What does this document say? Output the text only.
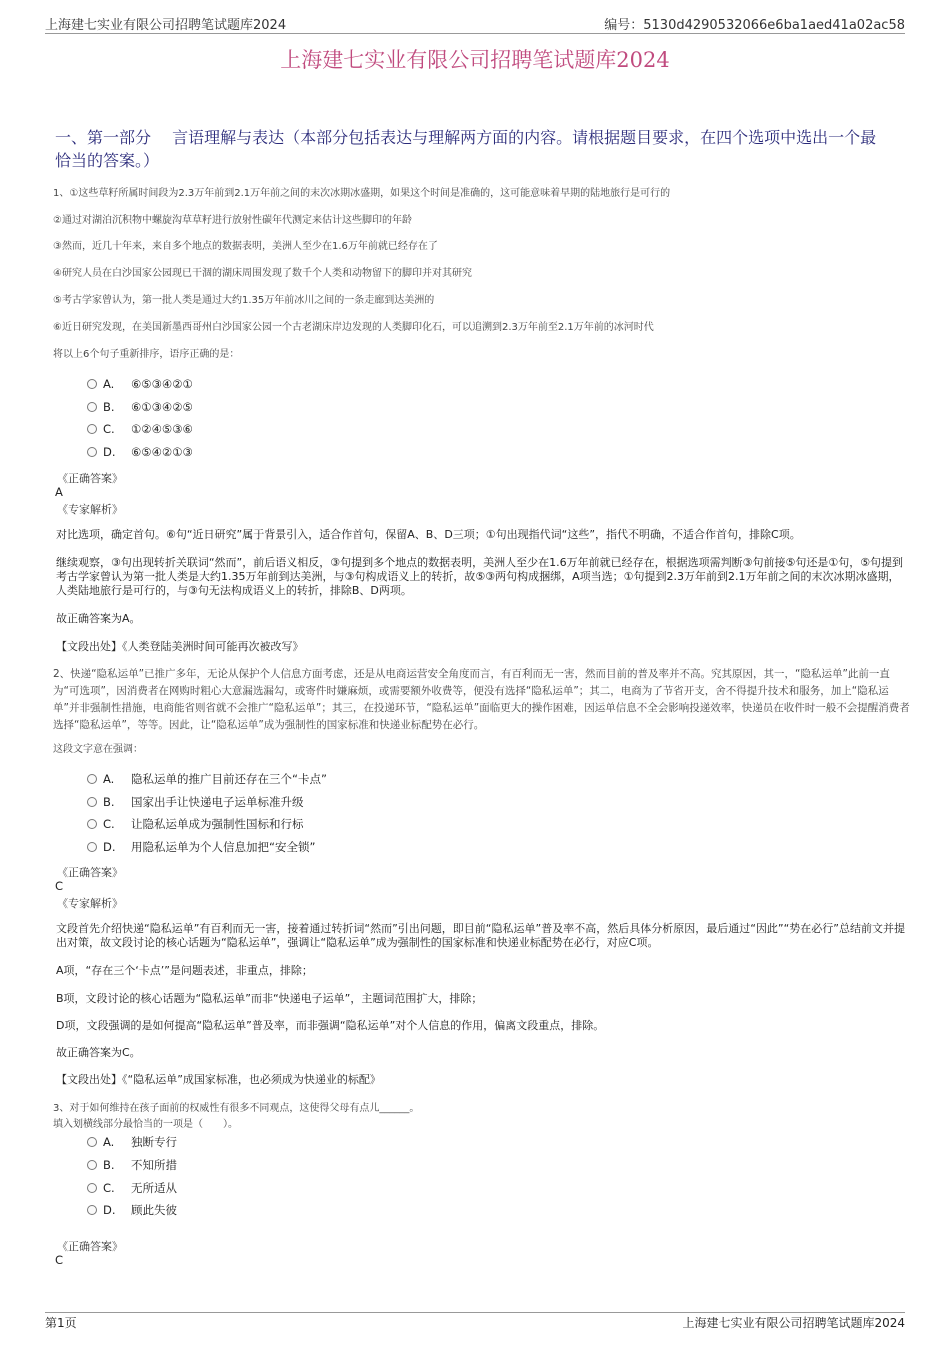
上海建七实业有限公司招聘笔试题库2024	编号：5130d4290532066e6ba1aed41a02ac58
上海建七实业有限公司招聘笔试题库2024
一、第一部分　 言语理解与表达（本部分包括表达与理解两方面的内容。请根据题目要求，在四个选项中选出一个最恰当的答案。）
1、①这些草籽所属时间段为2.3万年前到2.1万年前之间的末次冰期冰盛期，如果这个时间是准确的，这可能意味着早期的陆地旅行是可行的
②通过对湖泊沉积物中螺旋沟草草籽进行放射性碳年代测定来估计这些脚印的年龄
③然而，近几十年来，来自多个地点的数据表明，美洲人至少在1.6万年前就已经存在了
④研究人员在白沙国家公园现已干涸的湖床周围发现了数千个人类和动物留下的脚印并对其研究
⑤考古学家曾认为，第一批人类是通过大约1.35万年前冰川之间的一条走廊到达美洲的
⑥近日研究发现，在美国新墨西哥州白沙国家公园一个古老湖床岸边发现的人类脚印化石，可以追溯到2.3万年前至2.1万年前的冰河时代
将以上6个句子重新排序，语序正确的是：
A. ⑥⑤③④②①
B. ⑥①③④②⑤
C. ①②④⑤③⑥
D. ⑥⑤④②①③
《正确答案》
A
《专家解析》
对比选项，确定首句。⑥句“近日研究”属于背景引入，适合作首句，保留A、B、D三项；①句出现指代词“这些”，指代不明确，不适合作首句，排除C项。
继续观察，③句出现转折关联词“然而”，前后语义相反，③句提到多个地点的数据表明，美洲人至少在1.6万年前就已经存在，根据选项需判断③句前接⑤句还是①句，⑤句提到考古学家曾认为第一批人类是大约1.35万年前到达美洲，与③句构成语义上的转折，故⑤③两句构成捆绑，A项当选；①句提到2.3万年前到2.1万年前之间的末次冰期冰盛期，人类陆地旅行是可行的，与③句无法构成语义上的转折，排除B、D两项。
故正确答案为A。
【文段出处】《人类登陆美洲时间可能再次被改写》
2、快递“隐私运单”已推广多年，无论从保护个人信息方面考虑，还是从电商运营安全角度而言，有百利而无一害，然而目前的普及率并不高。究其原因，其一，“隐私运单”此前一直为“可选项”，因消费者在网购时粗心大意漏选漏勾，或寄件时嫌麻烦，或需要额外收费等，便没有选择“隐私运单”；其二，电商为了节省开支，舍不得提升技术和服务，加上“隐私运单”并非强制性措施，电商能省则省就不会推广“隐私运单”；其三，在投递环节，“隐私运单”面临更大的操作困难，因运单信息不全会影响投递效率，快递员在收件时一般不会提醒消费者选择“隐私运单”，等等。因此，让“隐私运单”成为强制性的国家标准和快递业标配势在必行。
这段文字意在强调：
A. 隐私运单的推广目前还存在三个“卡点”
B. 国家出手让快递电子运单标准升级
C. 让隐私运单成为强制性国标和行标
D. 用隐私运单为个人信息加把“安全锁”
《正确答案》
C
《专家解析》
文段首先介绍快递“隐私运单”有百利而无一害，接着通过转折词“然而”引出问题，即目前“隐私运单”普及率不高，然后具体分析原因，最后通过“因此”“势在必行”总结前文并提出对策，故文段讨论的核心话题为“隐私运单”，强调让“隐私运单”成为强制性的国家标准和快递业标配势在必行，对应C项。
A项，“存在三个‘卡点’”是问题表述，非重点，排除；
B项，文段讨论的核心话题为“隐私运单”而非“快递电子运单”，主题词范围扩大，排除；
D项，文段强调的是如何提高“隐私运单”普及率，而非强调“隐私运单”对个人信息的作用，偏离文段重点，排除。
故正确答案为C。
【文段出处】《“隐私运单”成国家标准，也必须成为快递业的标配》
3、对于如何维持在孩子面前的权威性有很多不同观点，这使得父母有点儿______。
填入划横线部分最恰当的一项是（　　）。
A. 独断专行
B. 不知所措
C. 无所适从
D. 顾此失彼
《正确答案》
C
第1页	上海建七实业有限公司招聘笔试题库2024
